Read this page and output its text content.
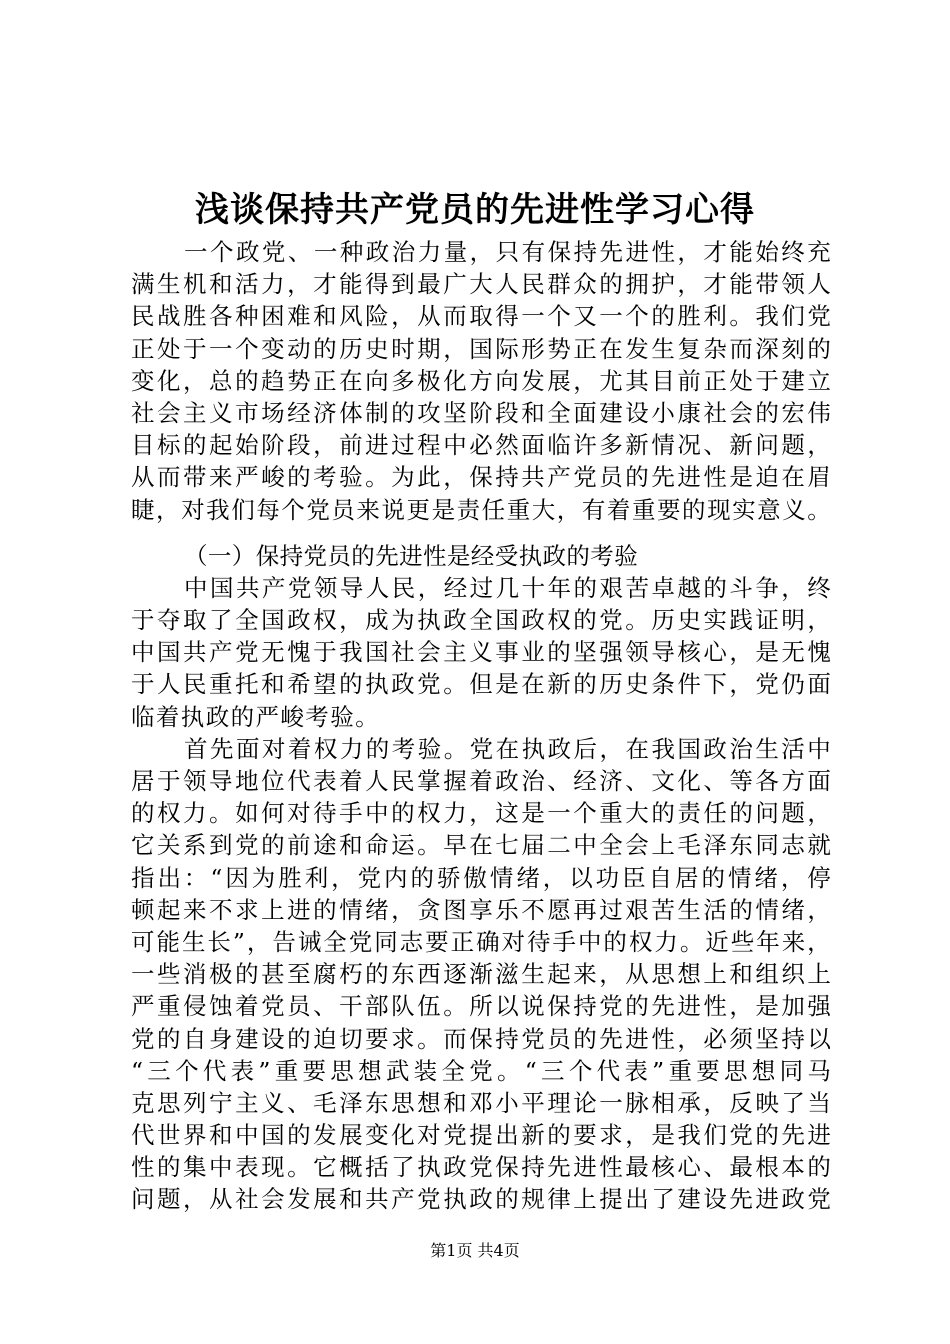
浅谈保持共产党员的先进性学习心得
一 个 政 党 、 一 种 政 治 力 量 ， 只 有 保 持 先 进 性 ， 才 能 始 终 充
满 生 机 和 活 力 ， 才 能 得 到 最 广 大 人 民 群 众 的 拥 护 ， 才 能 带 领 人
民 战 胜 各 种 困 难 和 风 险 ， 从 而 取 得 一 个 又 一 个 的 胜 利 。 我 们 党
正 处 于 一 个 变 动 的 历 史 时 期 ， 国 际 形 势 正 在 发 生 复 杂 而 深 刻 的
变 化 ， 总 的 趋 势 正 在 向 多 极 化 方 向 发 展 ， 尤 其 目 前 正 处 于 建 立
社 会 主 义 市 场 经 济 体 制 的 攻 坚 阶 段 和 全 面 建 设 小 康 社 会 的 宏 伟
目 标 的 起 始 阶 段 ， 前 进 过 程 中 必 然 面 临 许 多 新 情 况 、 新 问 题 ，
从 而 带 来 严 峻 的 考 验 。 为 此 ， 保 持 共 产 党 员 的 先 进 性 是 迫 在 眉
睫 ， 对 我 们 每 个 党 员 来 说 更 是 责 任 重 大 ， 有 着 重 要 的 现 实 意 义 。
（一）保持党员的先进性是经受执政的考验
中 国 共 产 党 领 导 人 民 ， 经 过 几 十 年 的 艰 苦 卓 越 的 斗 争 ， 终
于 夺 取 了 全 国 政 权 ， 成 为 执 政 全 国 政 权 的 党 。 历 史 实 践 证 明 ，
中 国 共 产 党 无 愧 于 我 国 社 会 主 义 事 业 的 坚 强 领 导 核 心 ， 是 无 愧
于 人 民 重 托 和 希 望 的 执 政 党 。 但 是 在 新 的 历 史 条 件 下 ， 党 仍 面
临着执政的严峻考验。
首 先 面 对 着 权 力 的 考 验 。 党 在 执 政 后 ， 在 我 国 政 治 生 活 中
居 于 领 导 地 位 代 表 着 人 民 掌 握 着 政 治 、 经 济 、 文 化 、 等 各 方 面
的 权 力 。 如 何 对 待 手 中 的 权 力 ， 这 是 一 个 重 大 的 责 任 的 问 题 ，
它 关 系 到 党 的 前 途 和 命 运 。 早 在 七 届 二 中 全 会 上 毛 泽 东 同 志 就
指 出 ： “ 因 为 胜 利 ， 党 内 的 骄 傲 情 绪 ， 以 功 臣 自 居 的 情 绪 ， 停
顿 起 来 不 求 上 进 的 情 绪 ， 贪 图 享 乐 不 愿 再 过 艰 苦 生 活 的 情 绪 ，
可 能 生 长 ” ， 告 诫 全 党 同 志 要 正 确 对 待 手 中 的 权 力 。 近 些 年 来 ，
一 些 消 极 的 甚 至 腐 朽 的 东 西 逐 渐 滋 生 起 来 ， 从 思 想 上 和 组 织 上
严 重 侵 蚀 着 党 员 、 干 部 队 伍 。 所 以 说 保 持 党 的 先 进 性 ， 是 加 强
党 的 自 身 建 设 的 迫 切 要 求 。 而 保 持 党 员 的 先 进 性 ， 必 须 坚 持 以
“ 三 个 代 表 ” 重 要 思 想 武 装 全 党 。 “ 三 个 代 表 ” 重 要 思 想 同 马
克 思 列 宁 主 义 、 毛 泽 东 思 想 和 邓 小 平 理 论 一 脉 相 承 ， 反 映 了 当
代 世 界 和 中 国 的 发 展 变 化 对 党 提 出 新 的 要 求 ， 是 我 们 党 的 先 进
性 的 集 中 表 现 。 它 概 括 了 执 政 党 保 持 先 进 性 最 核 心 、 最 根 本 的
问 题 ， 从 社 会 发 展 和 共 产 党 执 政 的 规 律 上 提 出 了 建 设 先 进 政 党
第1页 共4页
